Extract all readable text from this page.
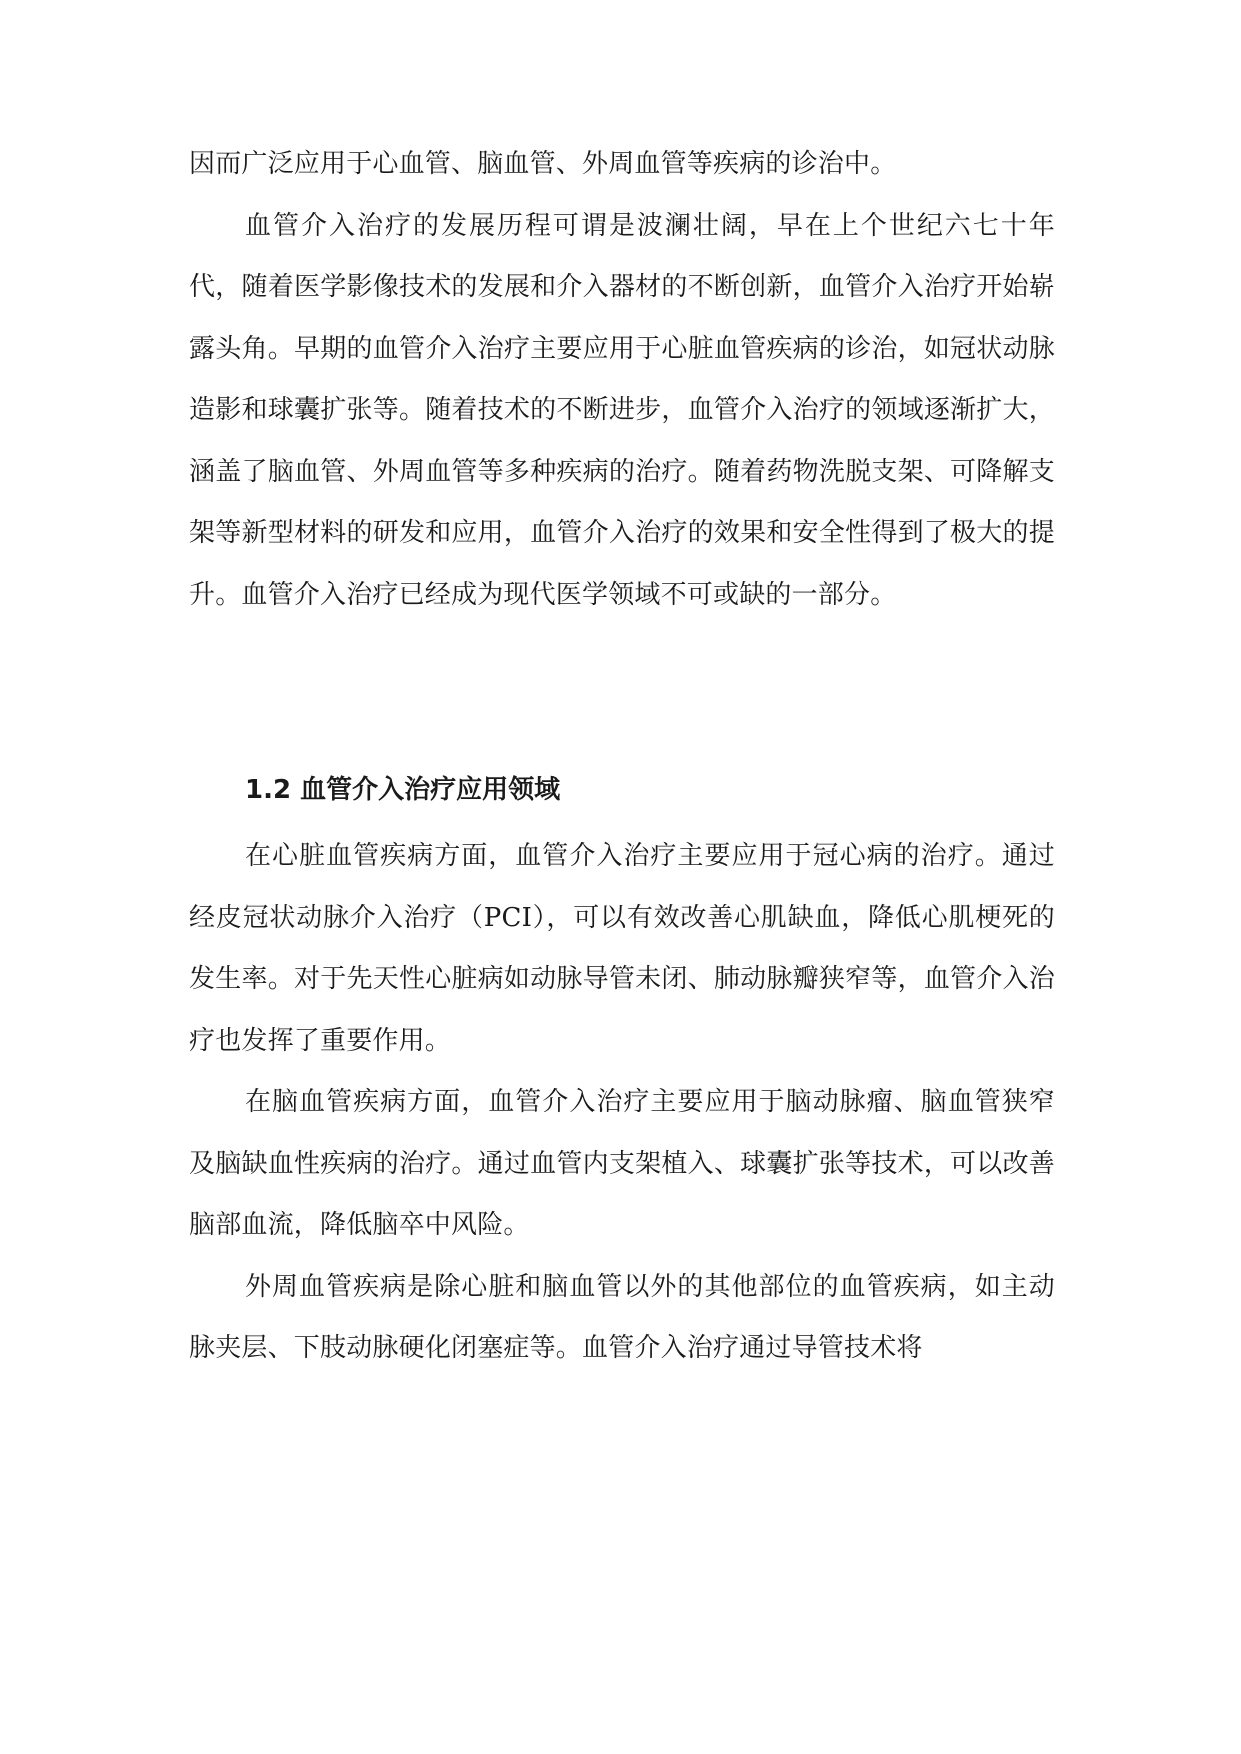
因而广泛应用于心血管、脑血管、外周血管等疾病的诊治中。

血管介入治疗的发展历程可谓是波澜壮阔，早在上个世纪六七十年代，随着医学影像技术的发展和介入器材的不断创新，血管介入治疗开始崭露头角。早期的血管介入治疗主要应用于心脏血管疾病的诊治，如冠状动脉造影和球囊扩张等。随着技术的不断进步，血管介入治疗的领域逐渐扩大，涵盖了脑血管、外周血管等多种疾病的治疗。随着药物洗脱支架、可降解支架等新型材料的研发和应用，血管介入治疗的效果和安全性得到了极大的提升。血管介入治疗已经成为现代医学领域不可或缺的一部分。

1.2 血管介入治疗应用领域

在心脏血管疾病方面，血管介入治疗主要应用于冠心病的治疗。通过经皮冠状动脉介入治疗（PCI），可以有效改善心肌缺血，降低心肌梗死的发生率。对于先天性心脏病如动脉导管未闭、肺动脉瓣狭窄等，血管介入治疗也发挥了重要作用。

在脑血管疾病方面，血管介入治疗主要应用于脑动脉瘤、脑血管狭窄及脑缺血性疾病的治疗。通过血管内支架植入、球囊扩张等技术，可以改善脑部血流，降低脑卒中风险。

外周血管疾病是除心脏和脑血管以外的其他部位的血管疾病，如主动脉夹层、下肢动脉硬化闭塞症等。血管介入治疗通过导管技术将
